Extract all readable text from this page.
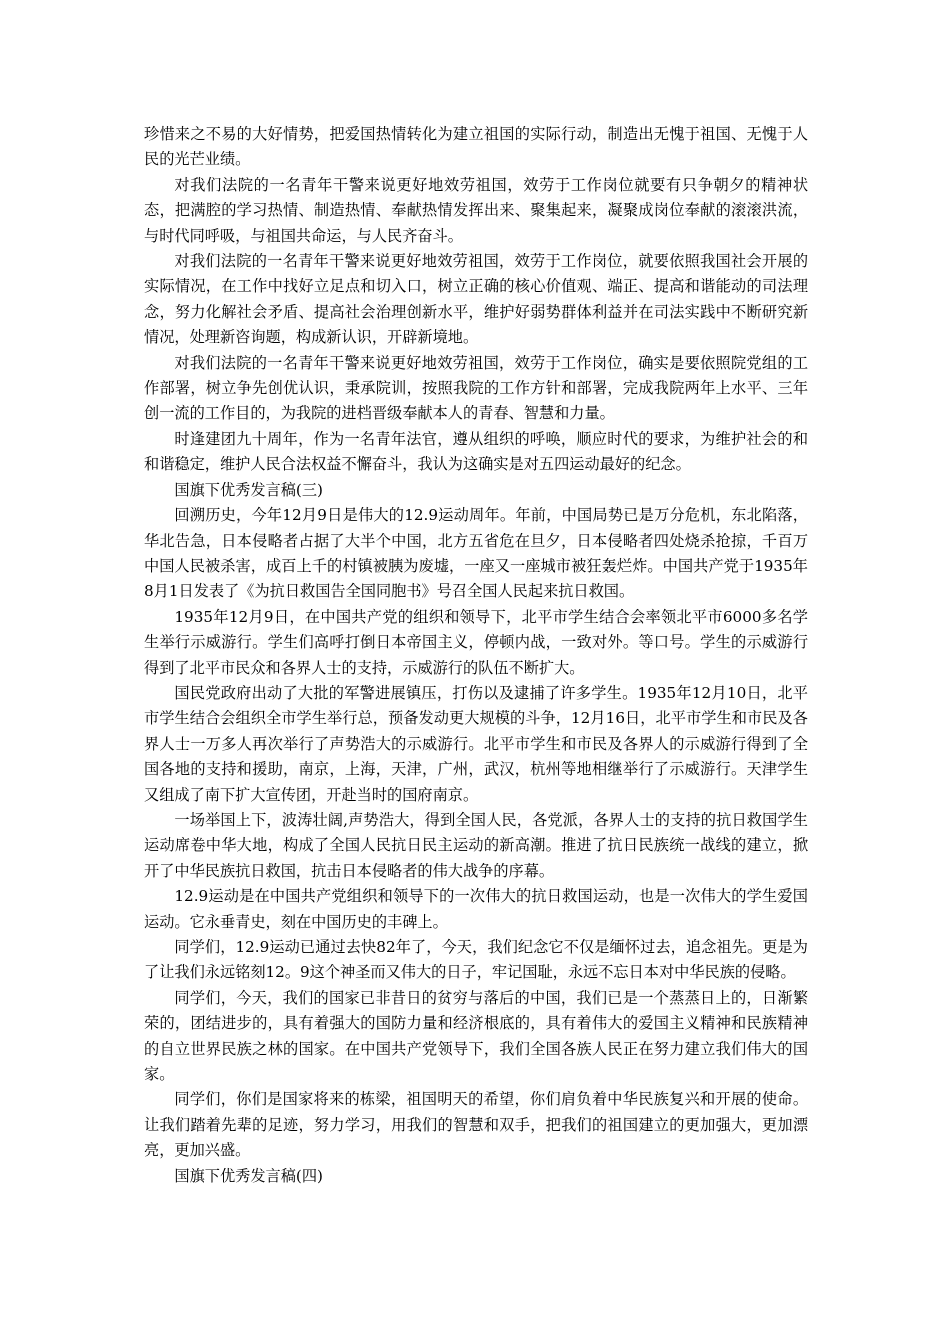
珍惜来之不易的大好情势，把爱国热情转化为建立祖国的实际行动，制造出无愧于祖国、无愧于人民的光芒业绩。

对我们法院的一名青年干警来说更好地效劳祖国，效劳于工作岗位就要有只争朝夕的精神状态，把满腔的学习热情、制造热情、奉献热情发挥出来、聚集起来，凝聚成岗位奉献的滚滚洪流，与时代同呼吸，与祖国共命运，与人民齐奋斗。

对我们法院的一名青年干警来说更好地效劳祖国，效劳于工作岗位，就要依照我国社会开展的实际情况，在工作中找好立足点和切入口，树立正确的核心价值观、端正、提高和谐能动的司法理念，努力化解社会矛盾、提高社会治理创新水平，维护好弱势群体利益并在司法实践中不断研究新情况，处理新咨询题，构成新认识，开辟新境地。

对我们法院的一名青年干警来说更好地效劳祖国，效劳于工作岗位，确实是要依照院党组的工作部署，树立争先创优认识，秉承院训，按照我院的工作方针和部署，完成我院两年上水平、三年创一流的工作目的，为我院的进档晋级奉献本人的青春、智慧和力量。

时逢建团九十周年，作为一名青年法官，遵从组织的呼唤，顺应时代的要求，为维护社会的和和谐稳定，维护人民合法权益不懈奋斗，我认为这确实是对五四运动最好的纪念。

国旗下优秀发言稿(三)

回溯历史，今年12月9日是伟大的12.9运动周年。年前，中国局势已是万分危机，东北陷落，华北告急，日本侵略者占据了大半个中国，北方五省危在旦夕，日本侵略者四处烧杀抢掠，千百万中国人民被杀害，成百上千的村镇被胰为废墟，一座又一座城市被狂轰烂炸。中国共产党于1935年8月1日发表了《为抗日救国告全国同胞书》号召全国人民起来抗日救国。

1935年12月9日，在中国共产党的组织和领导下，北平市学生结合会率领北平市6000多名学生举行示威游行。学生们高呼打倒日本帝国主义，停顿内战，一致对外。等口号。学生的示威游行得到了北平市民众和各界人士的支持，示威游行的队伍不断扩大。

国民党政府出动了大批的军警进展镇压，打伤以及逮捕了许多学生。1935年12月10日，北平市学生结合会组织全市学生举行总，预备发动更大规模的斗争，12月16日，北平市学生和市民及各界人士一万多人再次举行了声势浩大的示威游行。北平市学生和市民及各界人的示威游行得到了全国各地的支持和援助，南京，上海，天津，广州，武汉，杭州等地相继举行了示威游行。天津学生又组成了南下扩大宣传团，开赴当时的国府南京。

一场举国上下，波涛壮阔,声势浩大，得到全国人民，各党派，各界人士的支持的抗日救国学生运动席卷中华大地，构成了全国人民抗日民主运动的新高潮。推进了抗日民族统一战线的建立，掀开了中华民族抗日救国，抗击日本侵略者的伟大战争的序幕。

12.9运动是在中国共产党组织和领导下的一次伟大的抗日救国运动，也是一次伟大的学生爱国运动。它永垂青史，刻在中国历史的丰碑上。

同学们，12.9运动已通过去快82年了，今天，我们纪念它不仅是缅怀过去，追念祖先。更是为了让我们永远铭刻12。9这个神圣而又伟大的日子，牢记国耻，永远不忘日本对中华民族的侵略。

同学们，今天，我们的国家已非昔日的贫穷与落后的中国，我们已是一个蒸蒸日上的，日渐繁荣的，团结进步的，具有着强大的国防力量和经济根底的，具有着伟大的爱国主义精神和民族精神的自立世界民族之林的国家。在中国共产党领导下，我们全国各族人民正在努力建立我们伟大的国家。

同学们，你们是国家将来的栋梁，祖国明天的希望，你们肩负着中华民族复兴和开展的使命。让我们踏着先辈的足迹，努力学习，用我们的智慧和双手，把我们的祖国建立的更加强大，更加漂亮，更加兴盛。

国旗下优秀发言稿(四)
